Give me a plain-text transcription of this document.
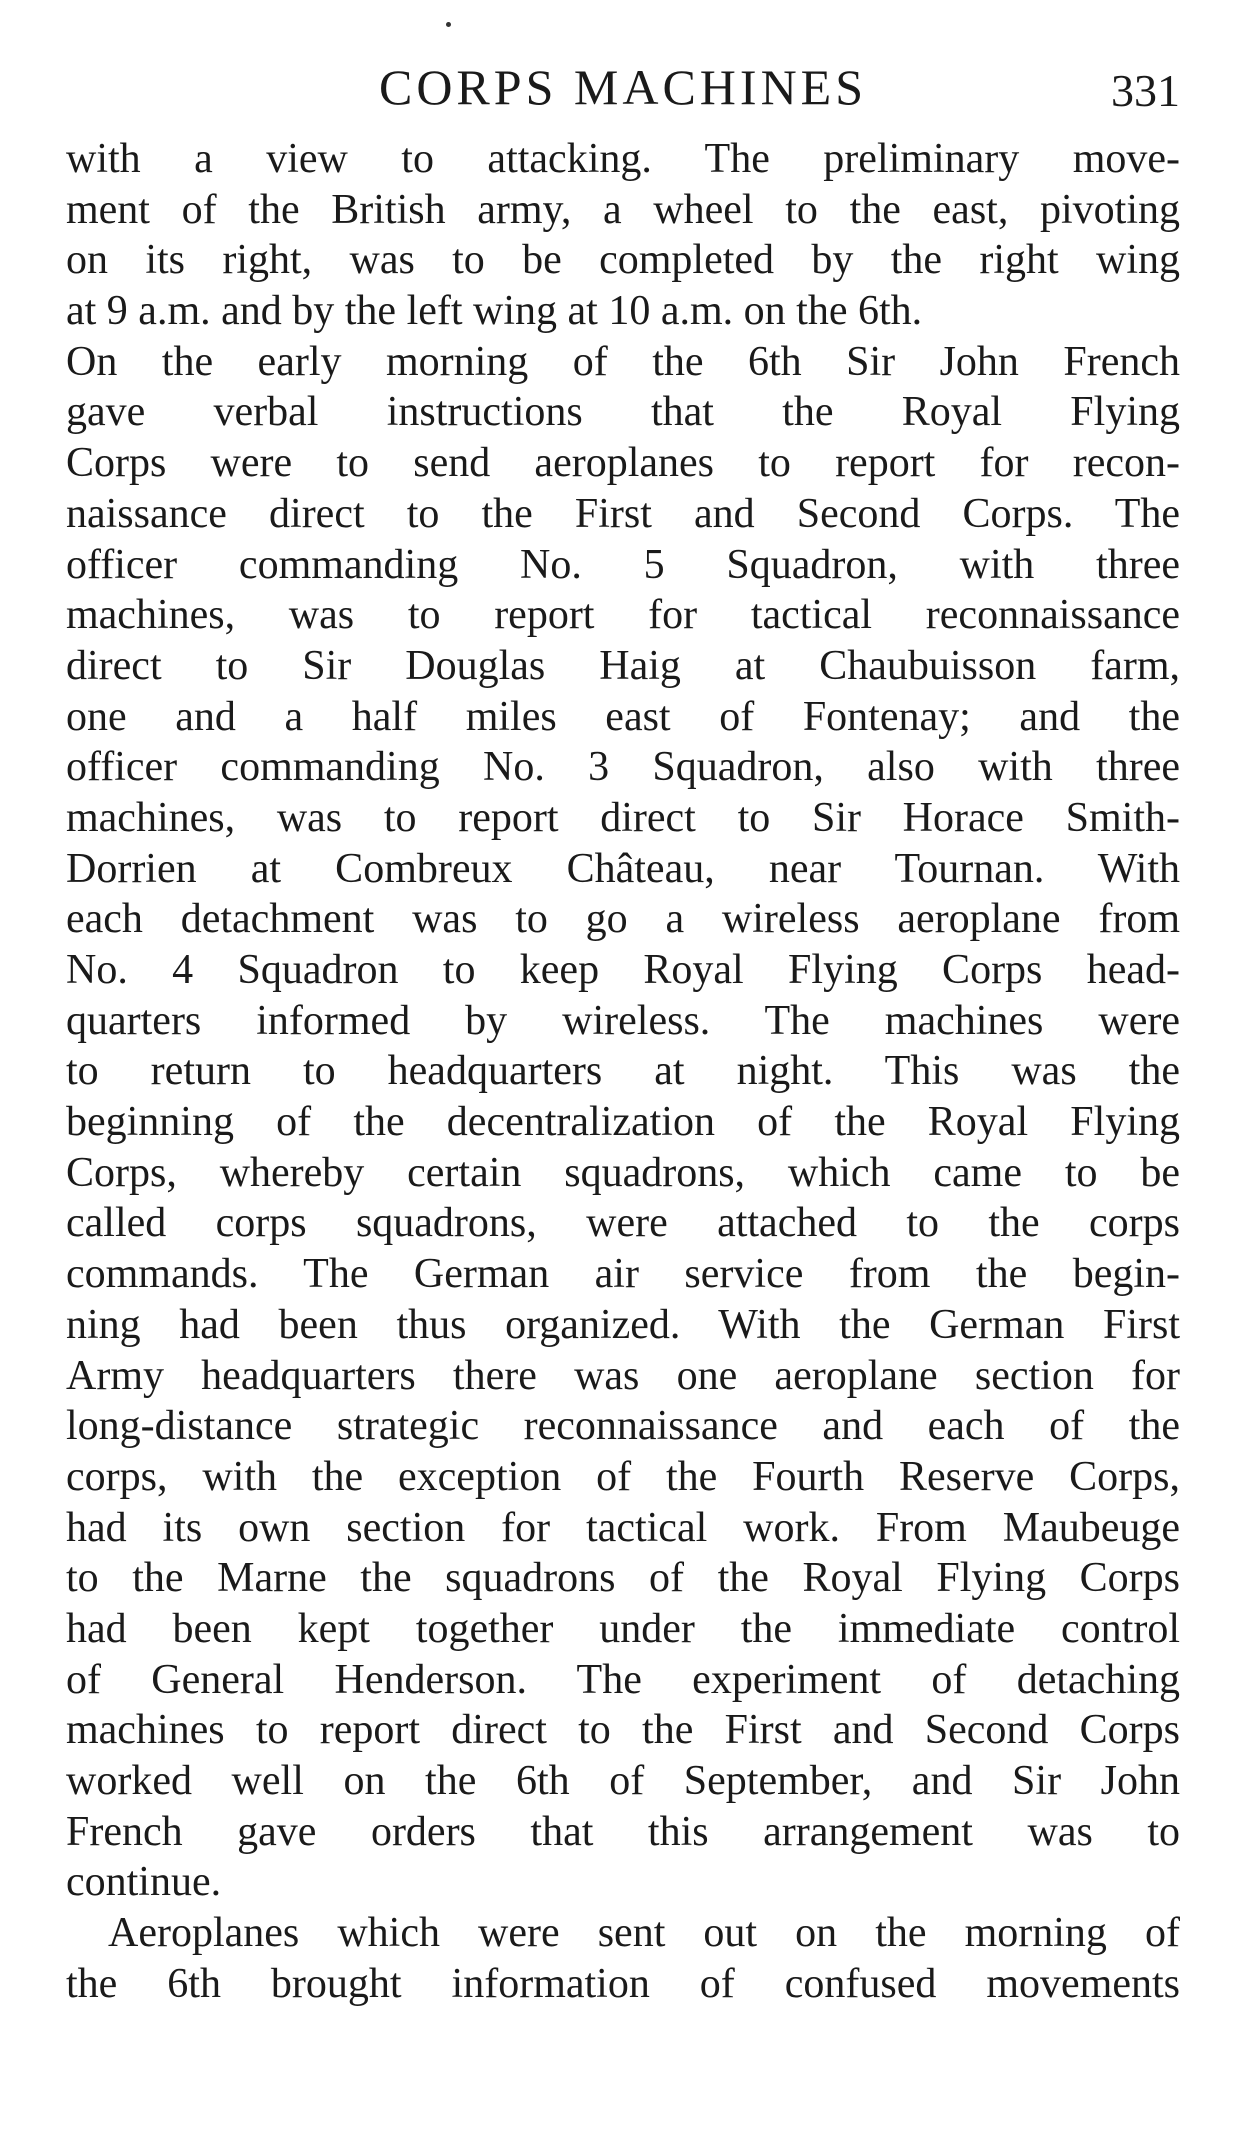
CORPS MACHINES	331
with a view to attacking. The preliminary move-
ment of the British army, a wheel to the east, pivoting
on its right, was to be completed by the right wing
at 9 a.m. and by the left wing at 10 a.m. on the 6th.
On the early morning of the 6th Sir John French
gave verbal instructions that the Royal Flying
Corps were to send aeroplanes to report for recon-
naissance direct to the First and Second Corps. The
officer commanding No. 5 Squadron, with three
machines, was to report for tactical reconnaissance
direct to Sir Douglas Haig at Chaubuisson farm,
one and a half miles east of Fontenay; and the
officer commanding No. 3 Squadron, also with three
machines, was to report direct to Sir Horace Smith-
Dorrien at Combreux Château, near Tournan. With
each detachment was to go a wireless aeroplane from
No. 4 Squadron to keep Royal Flying Corps head-
quarters informed by wireless. The machines were
to return to headquarters at night. This was the
beginning of the decentralization of the Royal Flying
Corps, whereby certain squadrons, which came to be
called corps squadrons, were attached to the corps
commands. The German air service from the begin-
ning had been thus organized. With the German First
Army headquarters there was one aeroplane section for
long-distance strategic reconnaissance and each of the
corps, with the exception of the Fourth Reserve Corps,
had its own section for tactical work. From Maubeuge
to the Marne the squadrons of the Royal Flying Corps
had been kept together under the immediate control
of General Henderson. The experiment of detaching
machines to report direct to the First and Second Corps
worked well on the 6th of September, and Sir John
French gave orders that this arrangement was to
continue.
Aeroplanes which were sent out on the morning of
the 6th brought information of confused movements
